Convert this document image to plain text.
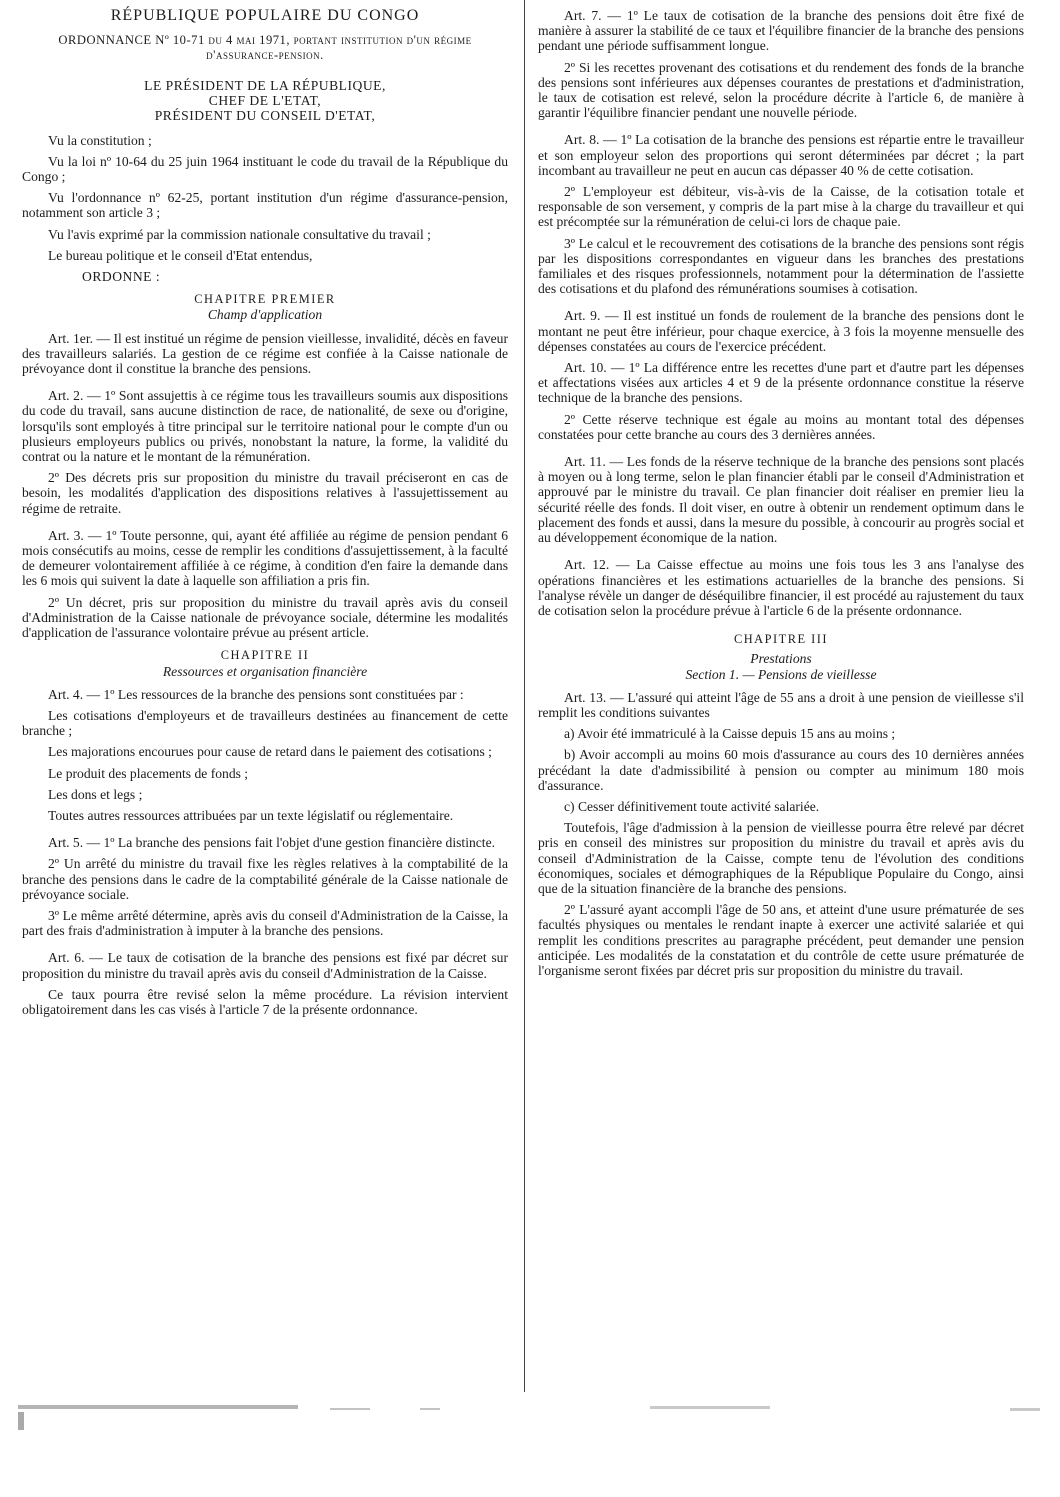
RÉPUBLIQUE POPULAIRE DU CONGO

ORDONNANCE Nº 10-71 du 4 mai 1971, portant institution d'un régime d'assurance-pension.

LE PRÉSIDENT DE LA RÉPUBLIQUE,
CHEF DE L'ETAT,
PRÉSIDENT DU CONSEIL D'ETAT,

Vu la constitution ;

Vu la loi nº 10-64 du 25 juin 1964 instituant le code du travail de la République du Congo ;

Vu l'ordonnance nº 62-25, portant institution d'un régime d'assurance-pension, notamment son article 3 ;

Vu l'avis exprimé par la commission nationale consultative du travail ;

Le bureau politique et le conseil d'Etat entendus,

ORDONNE :

CHAPITRE PREMIER
Champ d'application

Art. 1er. — Il est institué un régime de pension vieillesse, invalidité, décès en faveur des travailleurs salariés. La gestion de ce régime est confiée à la Caisse nationale de prévoyance dont il constitue la branche des pensions.

Art. 2. — 1º Sont assujettis à ce régime tous les travailleurs soumis aux dispositions du code du travail, sans aucune distinction de race, de nationalité, de sexe ou d'origine, lorsqu'ils sont employés à titre principal sur le territoire national pour le compte d'un ou plusieurs employeurs publics ou privés, nonobstant la nature, la forme, la validité du contrat ou la nature et le montant de la rémunération.

2º Des décrets pris sur proposition du ministre du travail préciseront en cas de besoin, les modalités d'application des dispositions relatives à l'assujettissement au régime de retraite.

Art. 3. — 1º Toute personne, qui, ayant été affiliée au régime de pension pendant 6 mois consécutifs au moins, cesse de remplir les conditions d'assujettissement, à la faculté de demeurer volontairement affiliée à ce régime, à condition d'en faire la demande dans les 6 mois qui suivent la date à laquelle son affiliation a pris fin.

2º Un décret, pris sur proposition du ministre du travail après avis du conseil d'Administration de la Caisse nationale de prévoyance sociale, détermine les modalités d'application de l'assurance volontaire prévue au présent article.

CHAPITRE II
Ressources et organisation financière

Art. 4. — 1º Les ressources de la branche des pensions sont constituées par :

Les cotisations d'employeurs et de travailleurs destinées au financement de cette branche ;

Les majorations encourues pour cause de retard dans le paiement des cotisations ;

Le produit des placements de fonds ;

Les dons et legs ;

Toutes autres ressources attribuées par un texte législatif ou réglementaire.

Art. 5. — 1º La branche des pensions fait l'objet d'une gestion financière distincte.

2º Un arrêté du ministre du travail fixe les règles relatives à la comptabilité de la branche des pensions dans le cadre de la comptabilité générale de la Caisse nationale de prévoyance sociale.

3º Le même arrêté détermine, après avis du conseil d'Administration de la Caisse, la part des frais d'administration à imputer à la branche des pensions.

Art. 6. — Le taux de cotisation de la branche des pensions est fixé par décret sur proposition du ministre du travail après avis du conseil d'Administration de la Caisse.

Ce taux pourra être revisé selon la même procédure. La révision intervient obligatoirement dans les cas visés à l'article 7 de la présente ordonnance.

Art. 7. — 1º Le taux de cotisation de la branche des pensions doit être fixé de manière à assurer la stabilité de ce taux et l'équilibre financier de la branche des pensions pendant une période suffisamment longue.

2º Si les recettes provenant des cotisations et du rendement des fonds de la branche des pensions sont inférieures aux dépenses courantes de prestations et d'administration, le taux de cotisation est relevé, selon la procédure décrite à l'article 6, de manière à garantir l'équilibre financier pendant une nouvelle période.

Art. 8. — 1º La cotisation de la branche des pensions est répartie entre le travailleur et son employeur selon des proportions qui seront déterminées par décret ; la part incombant au travailleur ne peut en aucun cas dépasser 40 % de cette cotisation.

2º L'employeur est débiteur, vis-à-vis de la Caisse, de la cotisation totale et responsable de son versement, y compris de la part mise à la charge du travailleur et qui est précomptée sur la rémunération de celui-ci lors de chaque paie.

3º Le calcul et le recouvrement des cotisations de la branche des pensions sont régis par les dispositions correspondantes en vigueur dans les branches des prestations familiales et des risques professionnels, notamment pour la détermination de l'assiette des cotisations et du plafond des rémunérations soumises à cotisation.

Art. 9. — Il est institué un fonds de roulement de la branche des pensions dont le montant ne peut être inférieur, pour chaque exercice, à 3 fois la moyenne mensuelle des dépenses constatées au cours de l'exercice précédent.

Art. 10. — 1º La différence entre les recettes d'une part et d'autre part les dépenses et affectations visées aux articles 4 et 9 de la présente ordonnance constitue la réserve technique de la branche des pensions.

2º Cette réserve technique est égale au moins au montant total des dépenses constatées pour cette branche au cours des 3 dernières années.

Art. 11. — Les fonds de la réserve technique de la branche des pensions sont placés à moyen ou à long terme, selon le plan financier établi par le conseil d'Administration et approuvé par le ministre du travail. Ce plan financier doit réaliser en premier lieu la sécurité réelle des fonds. Il doit viser, en outre à obtenir un rendement optimum dans le placement des fonds et aussi, dans la mesure du possible, à concourir au progrès social et au développement économique de la nation.

Art. 12. — La Caisse effectue au moins une fois tous les 3 ans l'analyse des opérations financières et les estimations actuarielles de la branche des pensions. Si l'analyse révèle un danger de déséquilibre financier, il est procédé au rajustement du taux de cotisation selon la procédure prévue à l'article 6 de la présente ordonnance.

CHAPITRE III
Prestations
Section 1. — Pensions de vieillesse

Art. 13. — L'assuré qui atteint l'âge de 55 ans a droit à une pension de vieillesse s'il remplit les conditions suivantes

a) Avoir été immatriculé à la Caisse depuis 15 ans au moins ;

b) Avoir accompli au moins 60 mois d'assurance au cours des 10 dernières années précédant la date d'admissibilité à pension ou compter au minimum 180 mois d'assurance.

c) Cesser définitivement toute activité salariée.

Toutefois, l'âge d'admission à la pension de vieillesse pourra être relevé par décret pris en conseil des ministres sur proposition du ministre du travail et après avis du conseil d'Administration de la Caisse, compte tenu de l'évolution des conditions économiques, sociales et démographiques de la République Populaire du Congo, ainsi que de la situation financière de la branche des pensions.

2º L'assuré ayant accompli l'âge de 50 ans, et atteint d'une usure prématurée de ses facultés physiques ou mentales le rendant inapte à exercer une activité salariée et qui remplit les conditions prescrites au paragraphe précédent, peut demander une pension anticipée. Les modalités de la constatation et du contrôle de cette usure prématurée de l'organisme seront fixées par décret pris sur proposition du ministre du travail.
